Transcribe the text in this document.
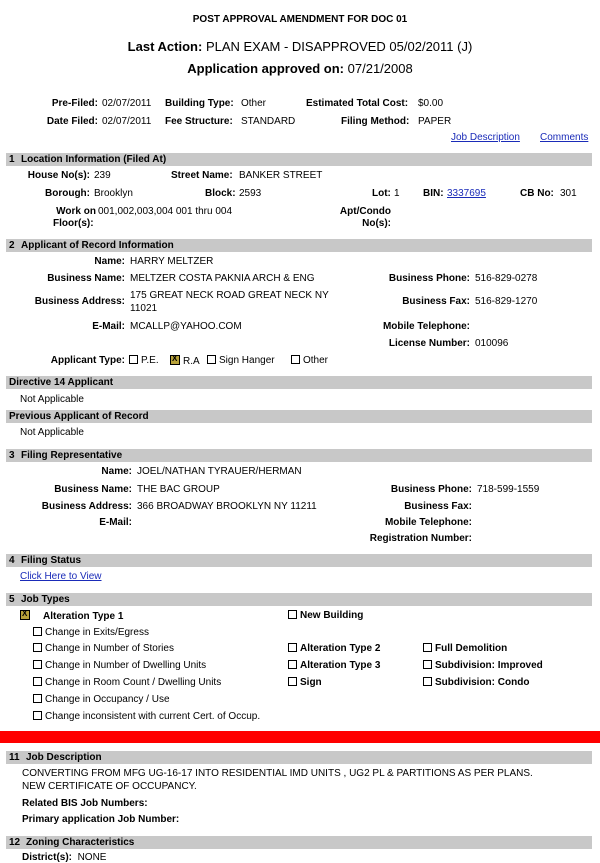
POST APPROVAL AMENDMENT FOR DOC 01
Last Action: PLAN EXAM - DISAPPROVED 05/02/2011 (J)
Application approved on: 07/21/2008
Pre-Filed: 02/07/2011 Building Type: Other	Estimated Total Cost: $0.00
Date Filed: 02/07/2011 Fee Structure: STANDARD	Filing Method: PAPER
Job Description Comments
1 Location Information (Filed At)
House No(s): 239	Street Name: BANKER STREET
Borough: Brooklyn	Block: 2593	Lot: 1 BIN: 3337695	CB No: 301
Work on 001,002,003,004 001 thru 004
Floor(s):
Apt/Condo
No(s):
2 Applicant of Record Information
Name: HARRY MELTZER
Business Name: MELTZER COSTA PAKNIA ARCH & ENG	Business Phone: 516-829-0278
Business Address:
175 GREAT NECK ROAD GREAT NECK NY
11021
Business Fax: 516-829-1270
E-Mail: MCALLP@YAHOO.COM	Mobile Telephone:
License Number: 010096
Applicant Type:	P.E.
X	R.A	Sign Hanger	Other
Directive 14 Applicant
Not Applicable
Previous Applicant of Record
Not Applicable
3 Filing Representative
Name: JOEL/NATHAN TYRAUER/HERMAN
Business Name: THE BAC GROUP	Business Phone: 718-599-1559
Business Address: 366 BROADWAY BROOKLYN NY 11211	Business Fax:
E-Mail:	Mobile Telephone:
Registration Number:
4 Filing Status
Click Here to View
5 Job Types
XAlteration Type 1	New Building
Change in Exits/Egress
Change in Number of Stories
Change in Number of Dwelling Units
Change in Room Count / Dwelling Units
Change in Occupancy / Use
Change inconsistent with current Cert. of Occup.
Alteration Type 2
Alteration Type 3
Sign
Full Demolition
Subdivision: Improved
Subdivision: Condo
11 Job Description
CONVERTING FROM MFG UG-16-17 INTO RESIDENTIAL IMD UNITS , UG2 PL & PARTITIONS AS PER PLANS.
NEW CERTIFICATE OF OCCUPANCY.
Related BIS Job Numbers:
Primary application Job Number:
12 Zoning Characteristics
District(s): NONE
